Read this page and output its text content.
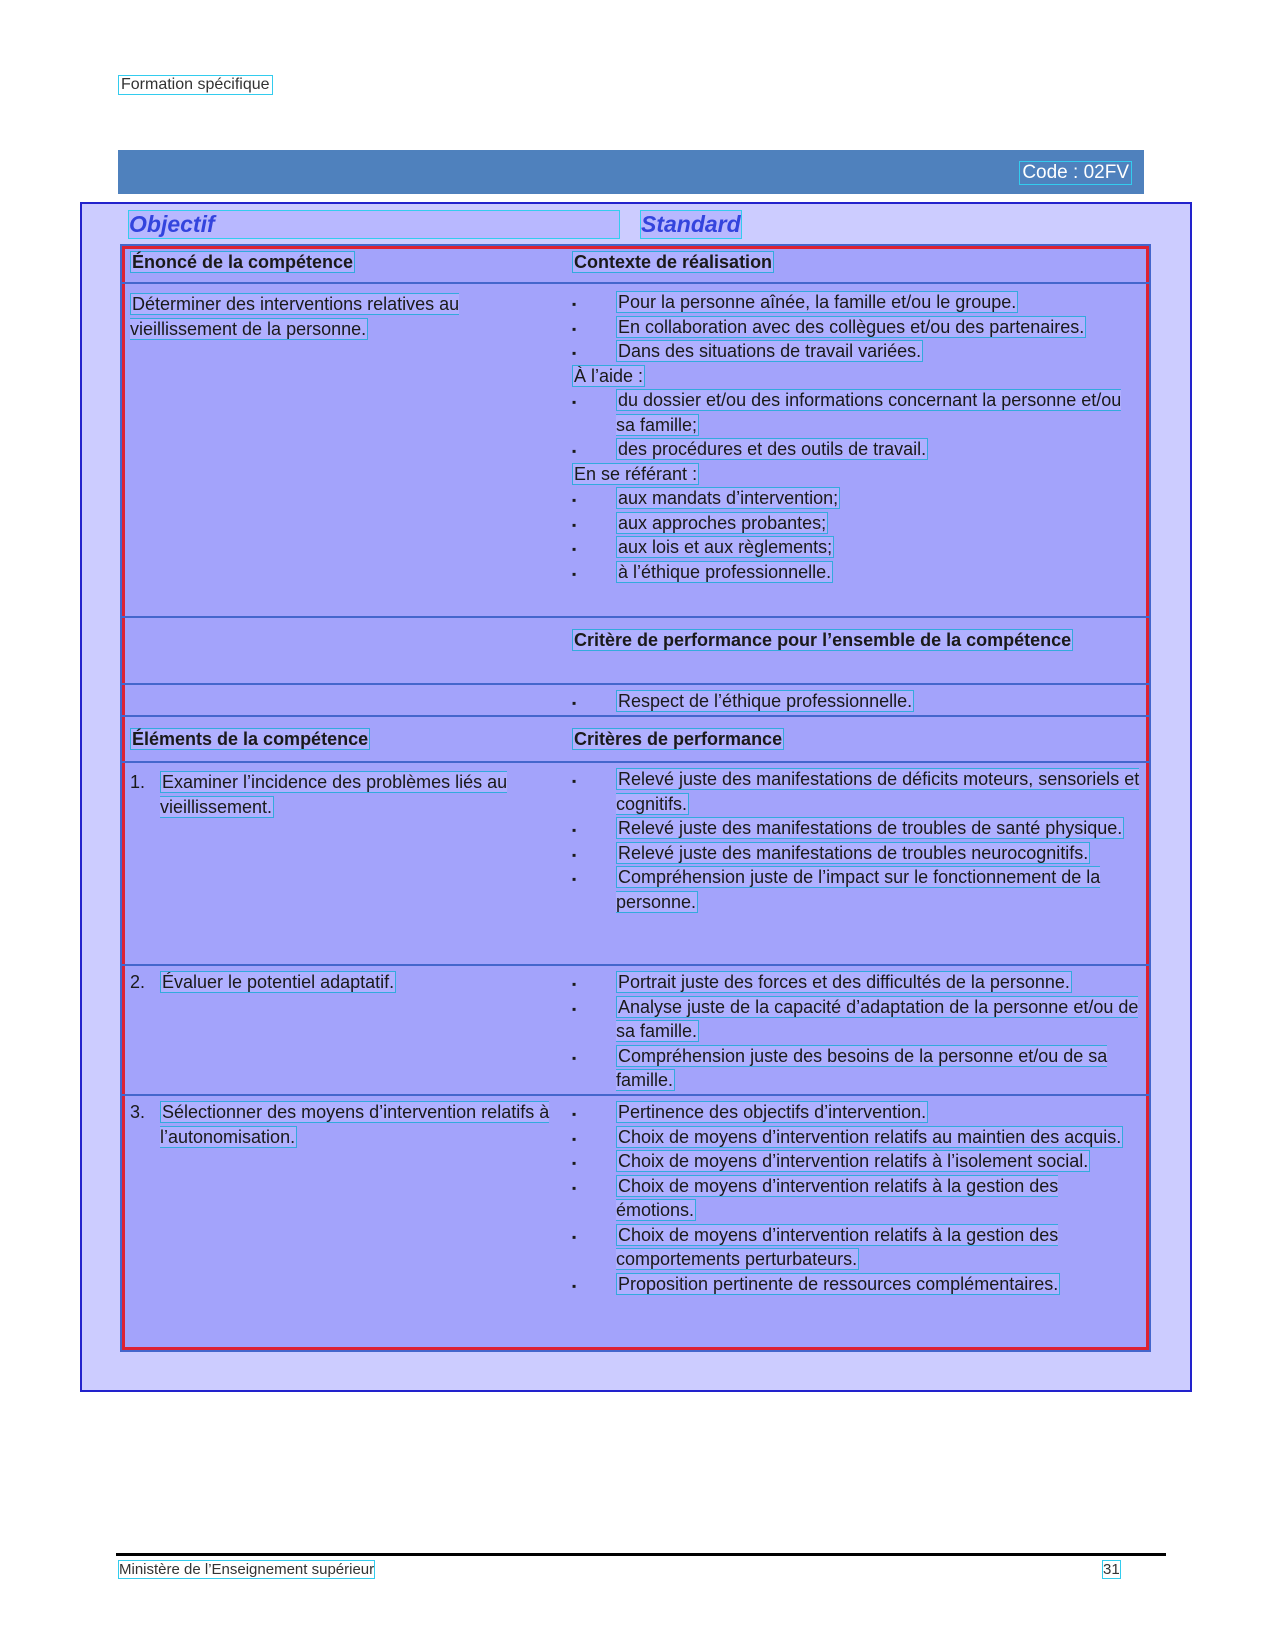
Formation spécifique
Code : 02FV
Objectif	Standard
Énoncé de la compétence	Contexte de réalisation
Déterminer des interventions relatives au vieillissement de la personne.
▪
Pour la personne aînée, la famille et/ou le groupe.
▪
En collaboration avec des collègues et/ou des partenaires.
▪
Dans des situations de travail variées.
À l’aide :
▪
du dossier et/ou des informations concernant la personne et/ou sa famille;
▪
des procédures et des outils de travail.
En se référant :
▪
aux mandats d’intervention;
▪
aux approches probantes;
▪
aux lois et aux règlements;
▪
à l’éthique professionnelle.
Critère de performance pour l’ensemble de la compétence
▪
Respect de l’éthique professionnelle.
Éléments de la compétence	Critères de performance
1. Examiner l’incidence des problèmes liés au vieillissement.
▪
Relevé juste des manifestations de déficits moteurs, sensoriels et cognitifs.
▪
Relevé juste des manifestations de troubles de santé physique.
▪
Relevé juste des manifestations de troubles neurocognitifs.
▪
Compréhension juste de l’impact sur le fonctionnement de la personne.
2. Évaluer le potentiel adaptatif.
▪	Portrait juste des forces et des difficultés de la personne.
▪
Analyse juste de la capacité d’adaptation de la personne et/ou de sa famille.
▪
Compréhension juste des besoins de la personne et/ou de sa famille.
3. Sélectionner des moyens d’intervention relatifs à l’autonomisation.
▪
Pertinence des objectifs d’intervention.
▪
Choix de moyens d’intervention relatifs au maintien des acquis.
▪
Choix de moyens d’intervention relatifs à l’isolement social.
▪
Choix de moyens d’intervention relatifs à la gestion des émotions.
▪
Choix de moyens d’intervention relatifs à la gestion des comportements perturbateurs.
▪
Proposition pertinente de ressources complémentaires.
Ministère de l’Enseignement supérieur	31
